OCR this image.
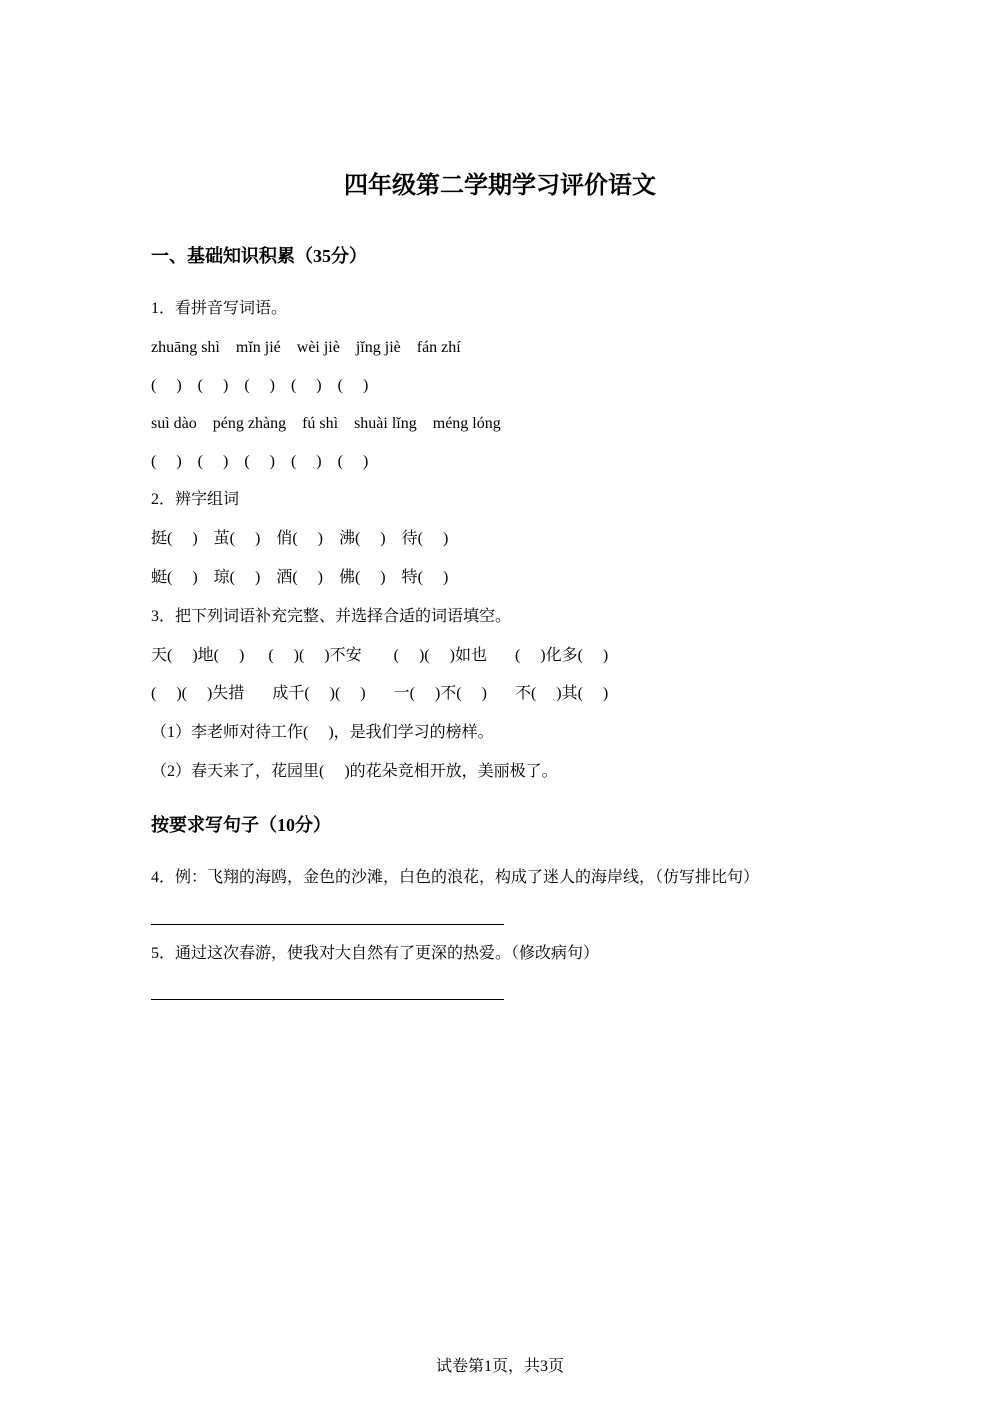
四年级第二学期学习评价语文
一、基础知识积累（35分）
1．看拼音写词语。
zhuāng shì    mǐn jié    wèi jiè    jǐng jiè    fán zhí
(     )    (     )    (     )    (     )    (     )
suì dào    péng zhàng    fú shì    shuài lǐng    méng lóng
(     )    (     )    (     )    (     )    (     )
2．辨字组词
挺(     )    茧(     )    俏(     )    沸(     )    待(     )
蜓(     )    琼(     )    酒(     )    佛(     )    特(     )
3．把下列词语补充完整、并选择合适的词语填空。
天(     )地(     )      (     )(     )不安        (     )(     )如也       (     )化多(     )
(     )(     )失措       成千(     )(     )       一(     )不(     )       不(     )其(     )
（1）李老师对待工作(     )，是我们学习的榜样。
（2）春天来了，花园里(     )的花朵竞相开放，美丽极了。
按要求写句子（10分）
4．例：飞翔的海鸥，金色的沙滩，白色的浪花，构成了迷人的海岸线，（仿写排比句）
5．通过这次春游，使我对大自然有了更深的热爱。（修改病句）
试卷第1页，共3页
